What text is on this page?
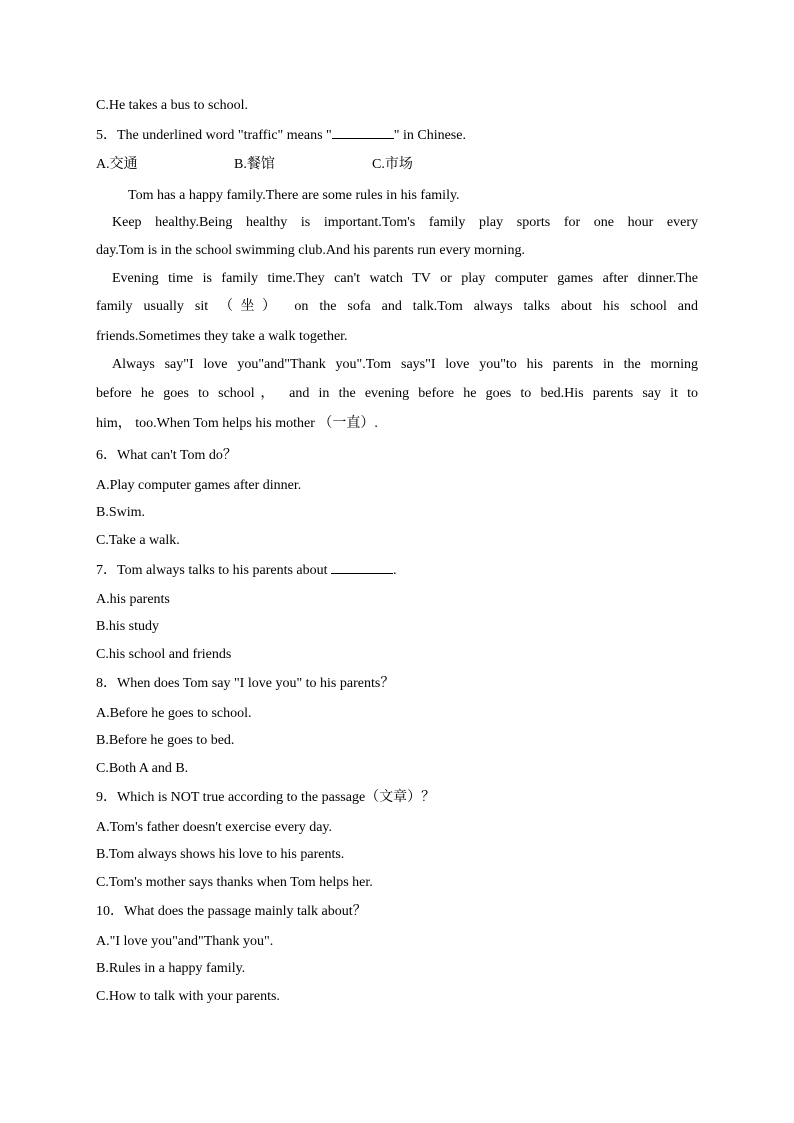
C.He takes a bus to school.
5．The underlined word "traffic" means "	" in Chinese.
A.交通	B.餐馆	C.市场
Tom has a happy family.There are some rules in his family.
Keep healthy.Being healthy is important.Tom's family play sports for one hour every
day.Tom is in the school swimming club.And his parents run every morning.
Evening time is family time.They can't watch TV or play computer games after dinner.The
family usually sit （坐） on the sofa and talk.Tom always talks about his school and
friends.Sometimes they take a walk together.
Always say"I love you"and"Thank you".Tom says"I love you"to his parents in the morning
before he goes to school， and in the evening before he goes to bed.His parents say it to
him， too.When Tom helps his mother （一直）.
6．What can't Tom do？
A.Play computer games after dinner.
B.Swim.
C.Take a walk.
7．Tom always talks to his parents about	.
A.his parents
B.his study
C.his school and friends
8．When does Tom say "I love you" to his parents？
A.Before he goes to school.
B.Before he goes to bed.
C.Both A and B.
9．Which is NOT true according to the passage（文章）？
A.Tom's father doesn't exercise every day.
B.Tom always shows his love to his parents.
C.Tom's mother says thanks when Tom helps her.
10．What does the passage mainly talk about？
A."I love you"and"Thank you".
B.Rules in a happy family.
C.How to talk with your parents.
